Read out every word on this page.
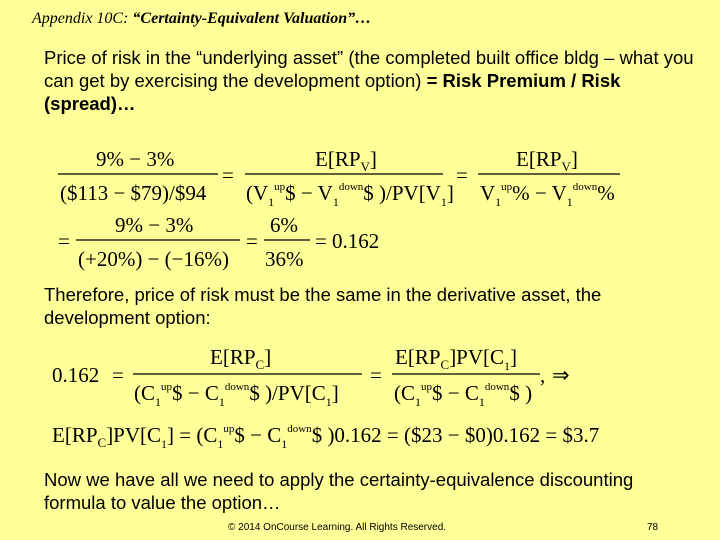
Appendix 10C: “Certainty-Equivalent Valuation”…
Price of risk in the “underlying asset” (the completed built office bldg – what you can get by exercising the development option) = Risk Premium / Risk (spread)…
9% − 3%
($113 − $79)/$94
=
$E[RP_V]$
($V_1^{up}\$$ − $V_1^{down}\$$ )$/PV[V_1]$
=
$E[RP_V]$
$V_1^{up}\% - V_1^{down}\%$
=
9% − 3%
(+20%) − (−16%)
=
6%
36%
= 0.162
Therefore, price of risk must be the same in the derivative asset, the development option:
0.162 =
$E[RP_C]$
($C_1^{up}\$$ − $C_1^{down}\$$ )$/PV[C_1]$
=
$E[RP_C]PV[C_1]$
($C_1^{up}\$$ − $C_1^{down}\$$ )
, ⇒
$E[RP_C]PV[C_1]$ = ($C_1^{up}\$$ − $C_1^{down}\$$ )0.162 = ($23 − $0)0.162 = $3.7
Now we have all we need to apply the certainty-equivalence discounting formula to value the option…
© 2014 OnCourse Learning. All Rights Reserved.	78
